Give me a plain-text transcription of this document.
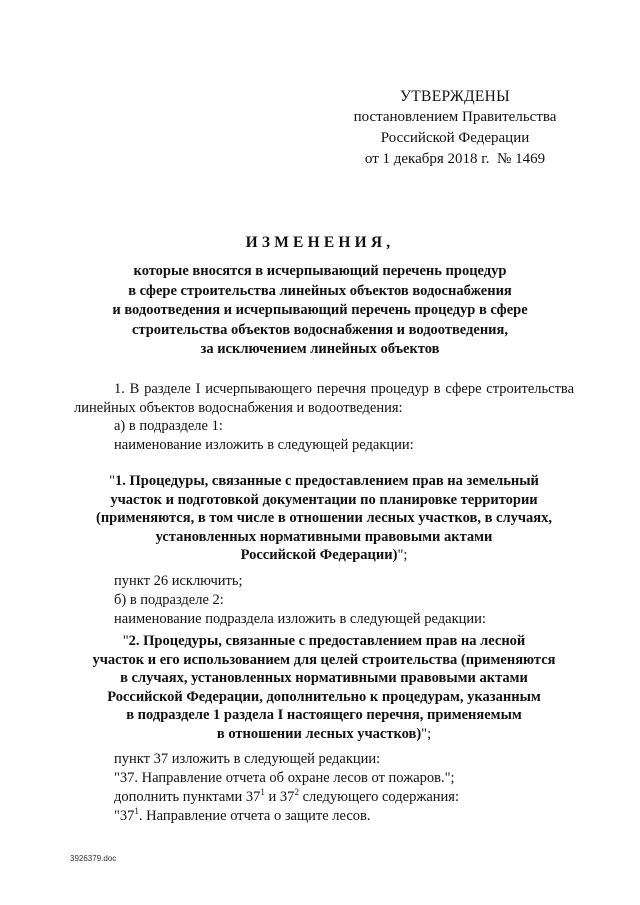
УТВЕРЖДЕНЫ
постановлением Правительства
Российской Федерации
от 1 декабря 2018 г. № 1469
ИЗМЕНЕНИЯ,
которые вносятся в исчерпывающий перечень процедур
в сфере строительства линейных объектов водоснабжения
и водоотведения и исчерпывающий перечень процедур в сфере
строительства объектов водоснабжения и водоотведения,
за исключением линейных объектов
1. В разделе I исчерпывающего перечня процедур в сфере строительства линейных объектов водоснабжения и водоотведения:
а) в подразделе 1:
наименование изложить в следующей редакции:
"1. Процедуры, связанные с предоставлением прав на земельный
участок и подготовкой документации по планировке территории
(применяются, в том числе в отношении лесных участков, в случаях,
установленных нормативными правовыми актами
Российской Федерации)";
пункт 26 исключить;
б) в подразделе 2:
наименование подраздела изложить в следующей редакции:
"2. Процедуры, связанные с предоставлением прав на лесной
участок и его использованием для целей строительства (применяются
в случаях, установленных нормативными правовыми актами
Российской Федерации, дополнительно к процедурам, указанным
в подразделе 1 раздела I настоящего перечня, применяемым
в отношении лесных участков)";
пункт 37 изложить в следующей редакции:
"37. Направление отчета об охране лесов от пожаров.";
дополнить пунктами $37^1$ и $37^2$ следующего содержания:
"$37^1$. Направление отчета о защите лесов.
3926379.doc
